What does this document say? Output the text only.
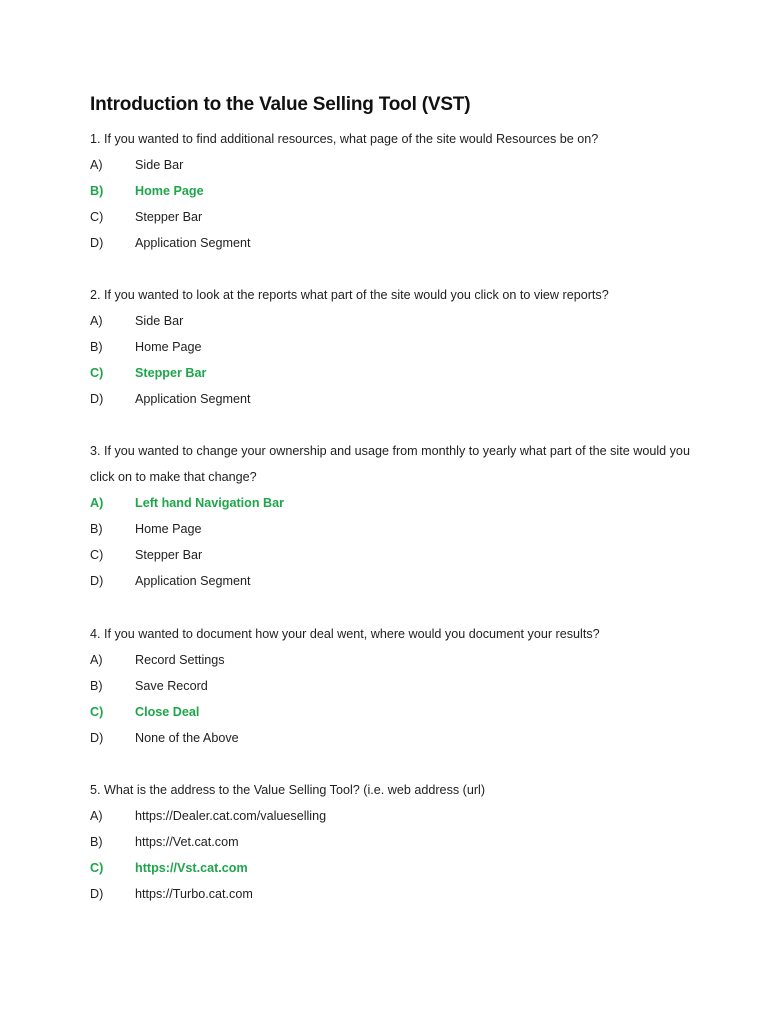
Introduction to the Value Selling Tool (VST)

1. If you wanted to find additional resources, what page of the site would Resources be on?

A)	Side Bar
B)	Home Page
C)	Stepper Bar
D)	Application Segment

2. If you wanted to look at the reports what part of the site would you click on to view reports?

A)	Side Bar
B)	Home Page
C)	Stepper Bar
D)	Application Segment

3. If you wanted to change your ownership and usage from monthly to yearly what part of the site would you click on to make that change?

A)	Left hand Navigation Bar
B)	Home Page
C)	Stepper Bar
D)	Application Segment

4. If you wanted to document how your deal went, where would you document your results?

A)	Record Settings
B)	Save Record
C)	Close Deal
D)	None of the Above

5. What is the address to the Value Selling Tool? (i.e. web address (url)

A)	https://Dealer.cat.com/valueselling
B)	https://Vet.cat.com
C)	https://Vst.cat.com
D)	https://Turbo.cat.com
